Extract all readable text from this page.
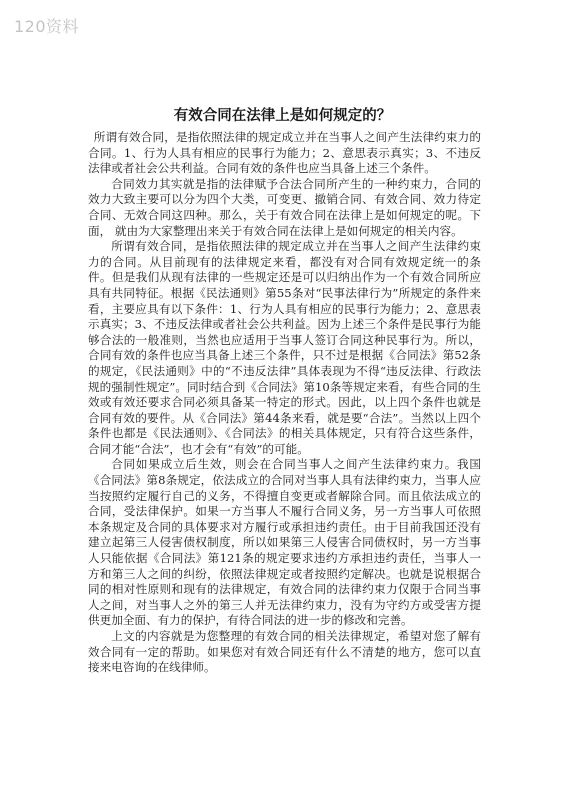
120资料
有效合同在法律上是如何规定的？

所谓有效合同，是指依照法律的规定成立并在当事人之间产生法律约束力的合同。1、行为人具有相应的民事行为能力；2、意思表示真实；3、不违反法律或者社会公共利益。合同有效的条件也应当具备上述三个条件。

合同效力其实就是指的法律赋予合法合同所产生的一种约束力，合同的效力大致主要可以分为四个大类，可变更、撤销合同、有效合同、效力待定合同、无效合同这四种。那么，关于有效合同在法律上是如何规定的呢。下面， 就由为大家整理出来关于有效合同在法律上是如何规定的相关内容。

所谓有效合同，是指依照法律的规定成立并在当事人之间产生法律约束力的合同。从目前现有的法律规定来看，都没有对合同有效规定统一的条件。但是我们从现有法律的一些规定还是可以归纳出作为一个有效合同所应具有共同特征。根据《民法通则》第55条对“民事法律行为”所规定的条件来看，主要应具有以下条件：1、行为人具有相应的民事行为能力；2、意思表示真实；3、不违反法律或者社会公共利益。因为上述三个条件是民事行为能够合法的一般准则，当然也应适用于当事人签订合同这种民事行为。所以，合同有效的条件也应当具备上述三个条件，只不过是根据《合同法》第52条的规定，《民法通则》中的“不违反法律”具体表现为不得“违反法律、行政法规的强制性规定”。同时结合到《合同法》第10条等规定来看，有些合同的生效或有效还要求合同必须具备某一特定的形式。因此，以上四个条件也就是合同有效的要件。从《合同法》第44条来看，就是要“合法”。当然以上四个条件也都是《民法通则》、《合同法》的相关具体规定，只有符合这些条件，合同才能“合法”，也才会有“有效”的可能。

合同如果成立后生效，则会在合同当事人之间产生法律约束力。我国《合同法》第8条规定，依法成立的合同对当事人具有法律约束力，当事人应当按照约定履行自己的义务，不得擅自变更或者解除合同。而且依法成立的合同，受法律保护。如果一方当事人不履行合同义务，另一方当事人可依照本条规定及合同的具体要求对方履行或承担违约责任。由于目前我国还没有建立起第三人侵害债权制度，所以如果第三人侵害合同债权时，另一方当事人只能依据《合同法》第121条的规定要求违约方承担违约责任，当事人一方和第三人之间的纠纷，依照法律规定或者按照约定解决。也就是说根据合同的相对性原则和现有的法律规定，有效合同的法律约束力仅限于合同当事人之间，对当事人之外的第三人并无法律约束力，没有为守约方或受害方提供更加全面、有力的保护，有待合同法的进一步的修改和完善。

上文的内容就是为您整理的有效合同的相关法律规定，希望对您了解有效合同有一定的帮助。如果您对有效合同还有什么不清楚的地方，您可以直接来电咨询的在线律师。
